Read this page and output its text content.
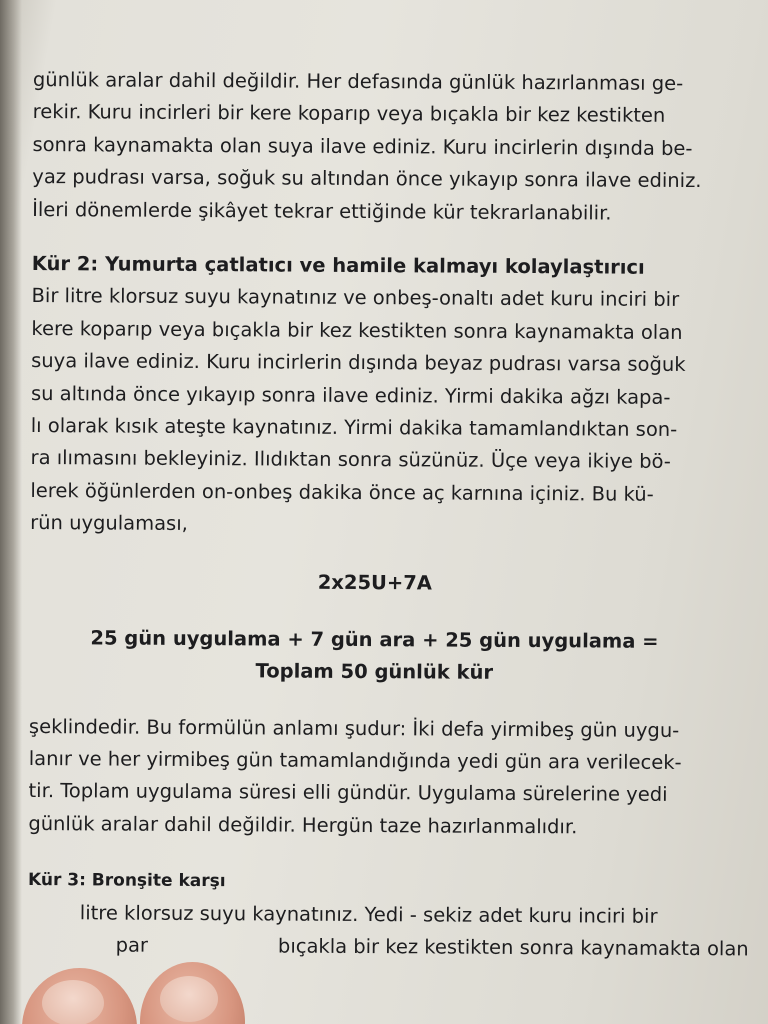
günlük aralar dahil değildir. Her defasında günlük hazırlanması ge-
rekir. Kuru incirleri bir kere koparıp veya bıçakla bir kez kestikten
sonra kaynamakta olan suya ilave ediniz. Kuru incirlerin dışında be-
yaz pudrası varsa, soğuk su altından önce yıkayıp sonra ilave ediniz.
İleri dönemlerde şikâyet tekrar ettiğinde kür tekrarlanabilir.
Kür 2: Yumurta çatlatıcı ve hamile kalmayı kolaylaştırıcı
Bir litre klorsuz suyu kaynatınız ve onbeş-onaltı adet kuru inciri bir
kere koparıp veya bıçakla bir kez kestikten sonra kaynamakta olan
suya ilave ediniz. Kuru incirlerin dışında beyaz pudrası varsa soğuk
su altında önce yıkayıp sonra ilave ediniz. Yirmi dakika ağzı kapa-
lı olarak kısık ateşte kaynatınız. Yirmi dakika tamamlandıktan son-
ra ılımasını bekleyiniz. Ilıdıktan sonra süzünüz. Üçe veya ikiye bö-
lerek öğünlerden on-onbeş dakika önce aç karnına içiniz. Bu kü-
rün uygulaması,
2x25U+7A
25 gün uygulama + 7 gün ara + 25 gün uygulama =
Toplam 50 günlük kür
şeklindedir. Bu formülün anlamı şudur: İki defa yirmibeş gün uygu-
lanır ve her yirmibeş gün tamamlandığında yedi gün ara verilecek-
tir. Toplam uygulama süresi elli gündür. Uygulama sürelerine yedi
günlük aralar dahil değildir. Hergün taze hazırlanmalıdır.
Kür 3: Bronşite karşı
litre klorsuz suyu kaynatınız. Yedi - sekiz adet kuru inciri bir
par	bıçakla bir kez kestikten sonra kaynamakta olan
